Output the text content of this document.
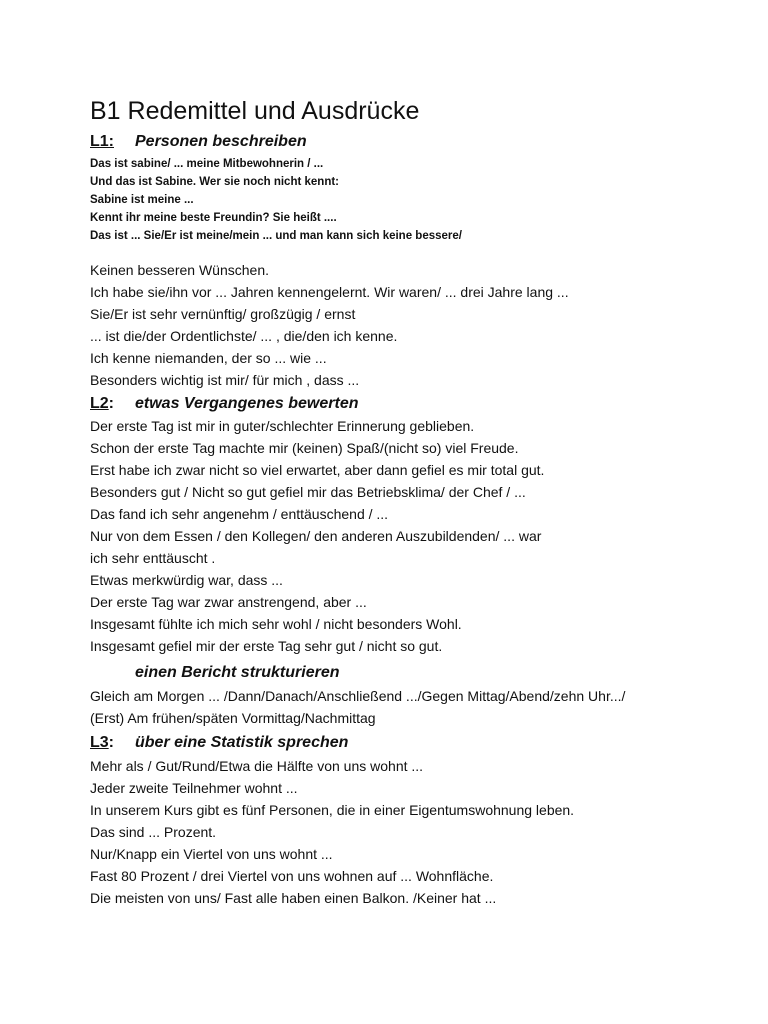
B1 Redemittel und Ausdrücke
L1: Personen beschreiben
Das ist sabine/ ... meine Mitbewohnerin / ...
Und das ist Sabine. Wer sie noch nicht kennt:
Sabine ist meine ...
Kennt ihr meine beste Freundin? Sie heißt ....
Das ist ... Sie/Er ist meine/mein ... und man kann sich keine bessere/
Keinen besseren Wünschen.
Ich habe sie/ihn vor ... Jahren kennengelernt. Wir waren/ ... drei Jahre lang ...
Sie/Er ist sehr vernünftig/ großzügig / ernst
... ist die/der Ordentlichste/ ... , die/den ich kenne.
Ich kenne niemanden, der so ... wie ...
Besonders wichtig ist mir/ für mich , dass ...
L2: etwas Vergangenes bewerten
Der erste Tag ist mir in guter/schlechter Erinnerung geblieben.
Schon der erste Tag machte mir (keinen) Spaß/(nicht so) viel Freude.
Erst habe ich zwar nicht so viel erwartet, aber dann gefiel es mir total gut.
Besonders gut / Nicht so gut gefiel mir das Betriebsklima/ der Chef / ...
Das fand ich sehr angenehm / enttäuschend / ...
Nur von dem Essen / den Kollegen/ den anderen Auszubildenden/ ... war
ich sehr enttäuscht .
Etwas merkwürdig war, dass ...
Der erste Tag war zwar anstrengend, aber ...
Insgesamt fühlte ich mich sehr wohl / nicht besonders Wohl.
Insgesamt gefiel mir der erste Tag sehr gut / nicht so gut.
einen Bericht strukturieren
Gleich am Morgen ... /Dann/Danach/Anschließend .../Gegen Mittag/Abend/zehn Uhr.../
(Erst) Am frühen/späten Vormittag/Nachmittag
L3: über eine Statistik sprechen
Mehr als / Gut/Rund/Etwa die Hälfte von uns wohnt ...
Jeder zweite Teilnehmer wohnt ...
In unserem Kurs gibt es fünf Personen, die in einer Eigentumswohnung leben.
Das sind ... Prozent.
Nur/Knapp ein Viertel von uns wohnt ...
Fast 80 Prozent / drei Viertel von uns wohnen auf ... Wohnfläche.
Die meisten von uns/ Fast alle haben einen Balkon. /Keiner hat ...
